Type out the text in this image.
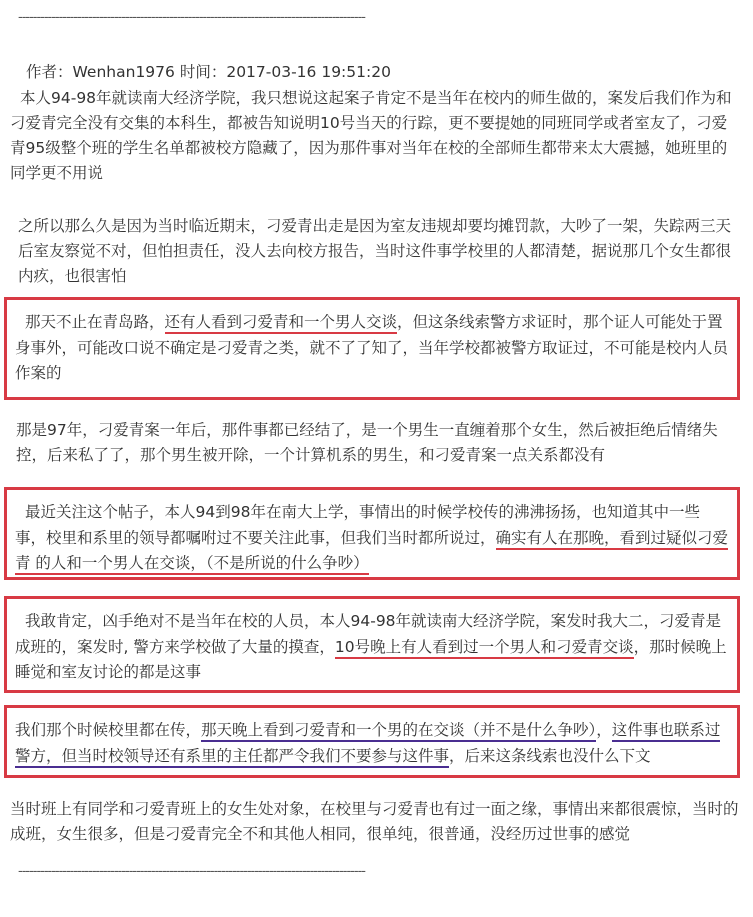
----------------------------------------------------------------------------------------------
作者：Wenhan1976 时间：2017-03-16 19:51:20
本人94-98年就读南大经济学院，我只想说这起案子肯定不是当年在校内的师生做的，案发后我们作为和刁爱青完全没有交集的本科生，都被告知说明10号当天的行踪，更不要提她的同班同学或者室友了，刁爱青95级整个班的学生名单都被校方隐藏了，因为那件事对当年在校的全部师生都带来太大震撼，她班里的同学更不用说
之所以那么久是因为当时临近期末，刁爱青出走是因为室友违规却要均摊罚款，大吵了一架，失踪两三天后室友察觉不对，但怕担责任，没人去向校方报告，当时这件事学校里的人都清楚，据说那几个女生都很内疚，也很害怕
那天不止在青岛路，还有人看到刁爱青和一个男人交谈，但这条线索警方求证时，那个证人可能处于置身事外，可能改口说不确定是刁爱青之类，就不了了知了，当年学校都被警方取证过，不可能是校内人员作案的
那是97年，刁爱青案一年后，那件事都已经结了，是一个男生一直缠着那个女生，然后被拒绝后情绪失控，后来私了了，那个男生被开除，一个计算机系的男生，和刁爱青案一点关系都没有
最近关注这个帖子，本人94到98年在南大上学，事情出的时候学校传的沸沸扬扬，也知道其中一些事，校里和系里的领导都嘱咐过不要关注此事，但我们当时都所说过，确实有人在那晚，看到过疑似刁爱青 的人和一个男人在交谈，（不是所说的什么争吵）
我敢肯定，凶手绝对不是当年在校的人员，本人94-98年就读南大经济学院，案发时我大二，刁爱青是成班的，案发时, 警方来学校做了大量的摸查，10号晚上有人看到过一个男人和刁爱青交谈，那时候晚上睡觉和室友讨论的都是这事
我们那个时候校里都在传，那天晚上看到刁爱青和一个男的在交谈（并不是什么争吵），这件事也联系过 警方，但当时校领导还有系里的主任都严令我们不要参与这件事，后来这条线索也没什么下文
当时班上有同学和刁爱青班上的女生处对象，在校里与刁爱青也有过一面之缘，事情出来都很震惊，当时的成班，女生很多，但是刁爱青完全不和其他人相同，很单纯，很普通，没经历过世事的感觉
----------------------------------------------------------------------------------------------
